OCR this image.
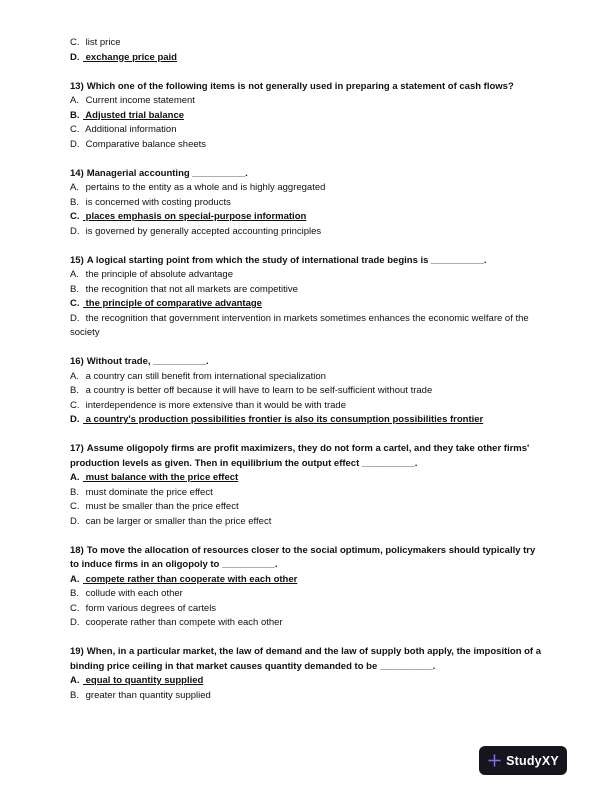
C. list price
D. exchange price paid
13) Which one of the following items is not generally used in preparing a statement of cash flows?
A. Current income statement
B. Adjusted trial balance
C. Additional information
D. Comparative balance sheets
14) Managerial accounting __________.
A. pertains to the entity as a whole and is highly aggregated
B. is concerned with costing products
C. places emphasis on special-purpose information
D. is governed by generally accepted accounting principles
15) A logical starting point from which the study of international trade begins is __________.
A. the principle of absolute advantage
B. the recognition that not all markets are competitive
C. the principle of comparative advantage
D. the recognition that government intervention in markets sometimes enhances the economic welfare of the society
16) Without trade, __________.
A. a country can still benefit from international specialization
B. a country is better off because it will have to learn to be self-sufficient without trade
C. interdependence is more extensive than it would be with trade
D. a country's production possibilities frontier is also its consumption possibilities frontier
17) Assume oligopoly firms are profit maximizers, they do not form a cartel, and they take other firms' production levels as given. Then in equilibrium the output effect __________.
A. must balance with the price effect
B. must dominate the price effect
C. must be smaller than the price effect
D. can be larger or smaller than the price effect
18) To move the allocation of resources closer to the social optimum, policymakers should typically try to induce firms in an oligopoly to __________.
A. compete rather than cooperate with each other
B. collude with each other
C. form various degrees of cartels
D. cooperate rather than compete with each other
19) When, in a particular market, the law of demand and the law of supply both apply, the imposition of a binding price ceiling in that market causes quantity demanded to be __________.
A. equal to quantity supplied
B. greater than quantity supplied
StudyXY
